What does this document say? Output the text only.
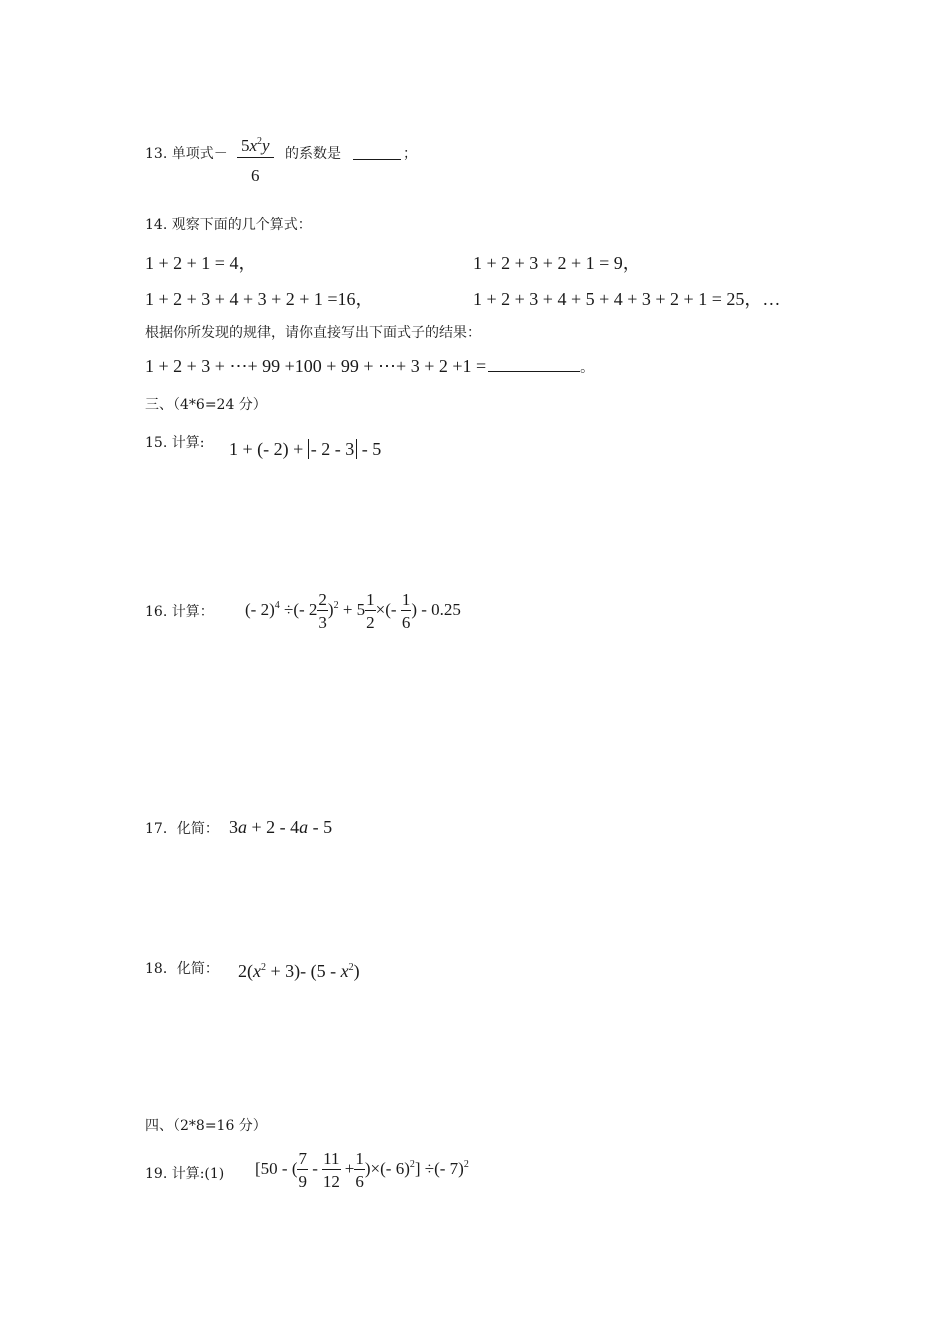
13. 单项式－ $\frac{5x^2y}{6}$ 的系数是	；
14. 观察下面的几个算式：
1 + 2 + 1 = 4，	1 + 2 + 3 + 2 + 1 = 9，
1 + 2 + 3 + 4 + 3 + 2 + 1 =16，	1 + 2 + 3 + 4 + 5 + 4 + 3 + 2 + 1 = 25，…
根据你所发现的规律，请你直接写出下面式子的结果：
1 + 2 + 3 + ⋯+ 99 +100 + 99 + ⋯+ 3 + 2 +1 =	。
三、（4*6=24 分）
15. 计算: 1 + (- 2) + - 2 - 3 - 5
16. 计算： (- 2)$^4$ ÷(- $2 \frac{2}{3} )^2 + 5 \frac{1}{2}$ ×(- $\frac{1}{6}$ ) - 0.25
17．化简： 3a + 2 - 4a - 5
18．化简： $2(x^2 + 3)-$ $(5 - x^2)$
四、（2*8=16 分）
19. 计算:(1) [50 - ( $\frac{7}{9} - \frac{11}{12} + \frac{1}{6}$ )×(- 6)$^2$] ÷(- 7)$^2$
